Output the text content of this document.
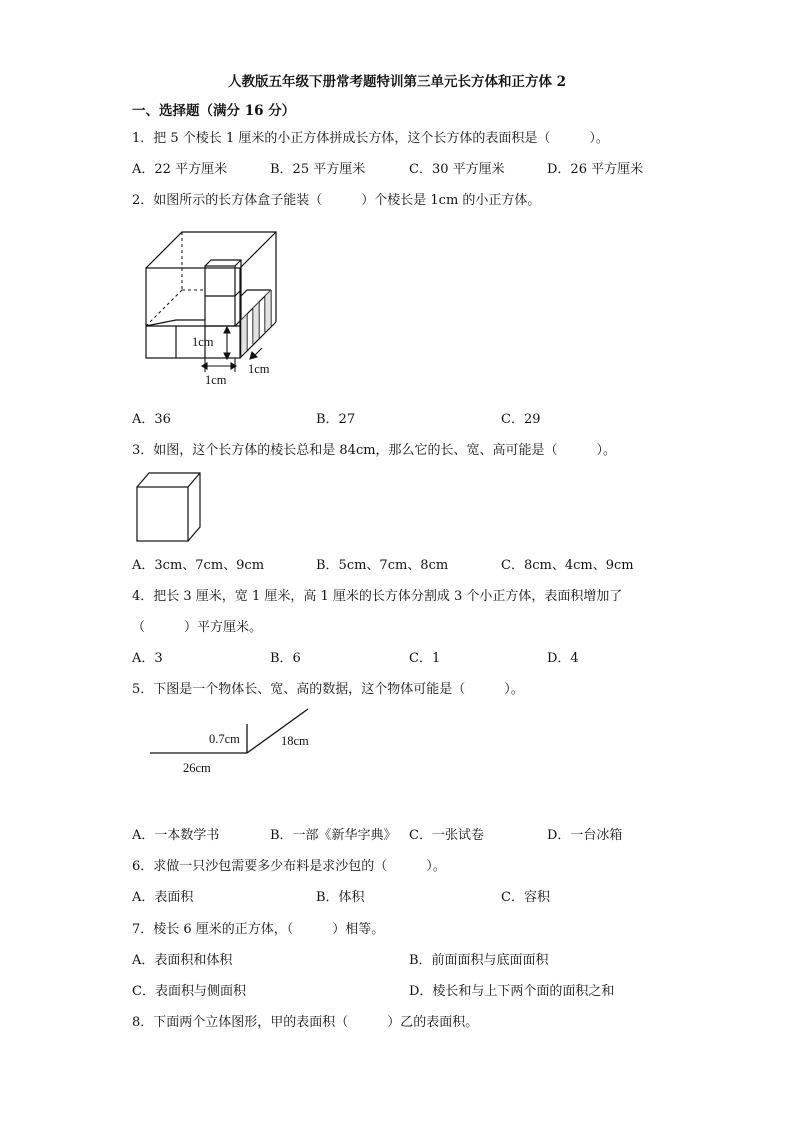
人教版五年级下册常考题特训第三单元长方体和正方体 2
一、选择题（满分 16 分）
1．把 5 个棱长 1 厘米的小正方体拼成长方体，这个长方体的表面积是（　　　）。
A．22 平方厘米	B．25 平方厘米	C．30 平方厘米	D．26 平方厘米
2．如图所示的长方体盒子能装（　　　）个棱长是 1cm 的小正方体。
1cm
1cm
1cm
A．36	B．27	C．29
3．如图，这个长方体的棱长总和是 84cm，那么它的长、宽、高可能是（　　　）。
A．3cm、7cm、9cm	B．5cm、7cm、8cm	C．8cm、4cm、9cm
4．把长 3 厘米，宽 1 厘米，高 1 厘米的长方体分割成 3 个小正方体，表面积增加了
（　　　）平方厘米。
A．3	B．6	C．1	D．4
5．下图是一个物体长、宽、高的数据，这个物体可能是（　　　）。
0.7cm	18cm
26cm
A．一本数学书	B．一部《新华字典》 C．一张试卷	D．一台冰箱
6．求做一只沙包需要多少布料是求沙包的（　　　）。
A．表面积	B．体积	C．容积
7．棱长 6 厘米的正方体，（　　　）相等。
A．表面积和体积	B．前面面积与底面面积
C．表面积与侧面积	D．棱长和与上下两个面的面积之和
8．下面两个立体图形，甲的表面积（　　　）乙的表面积。
